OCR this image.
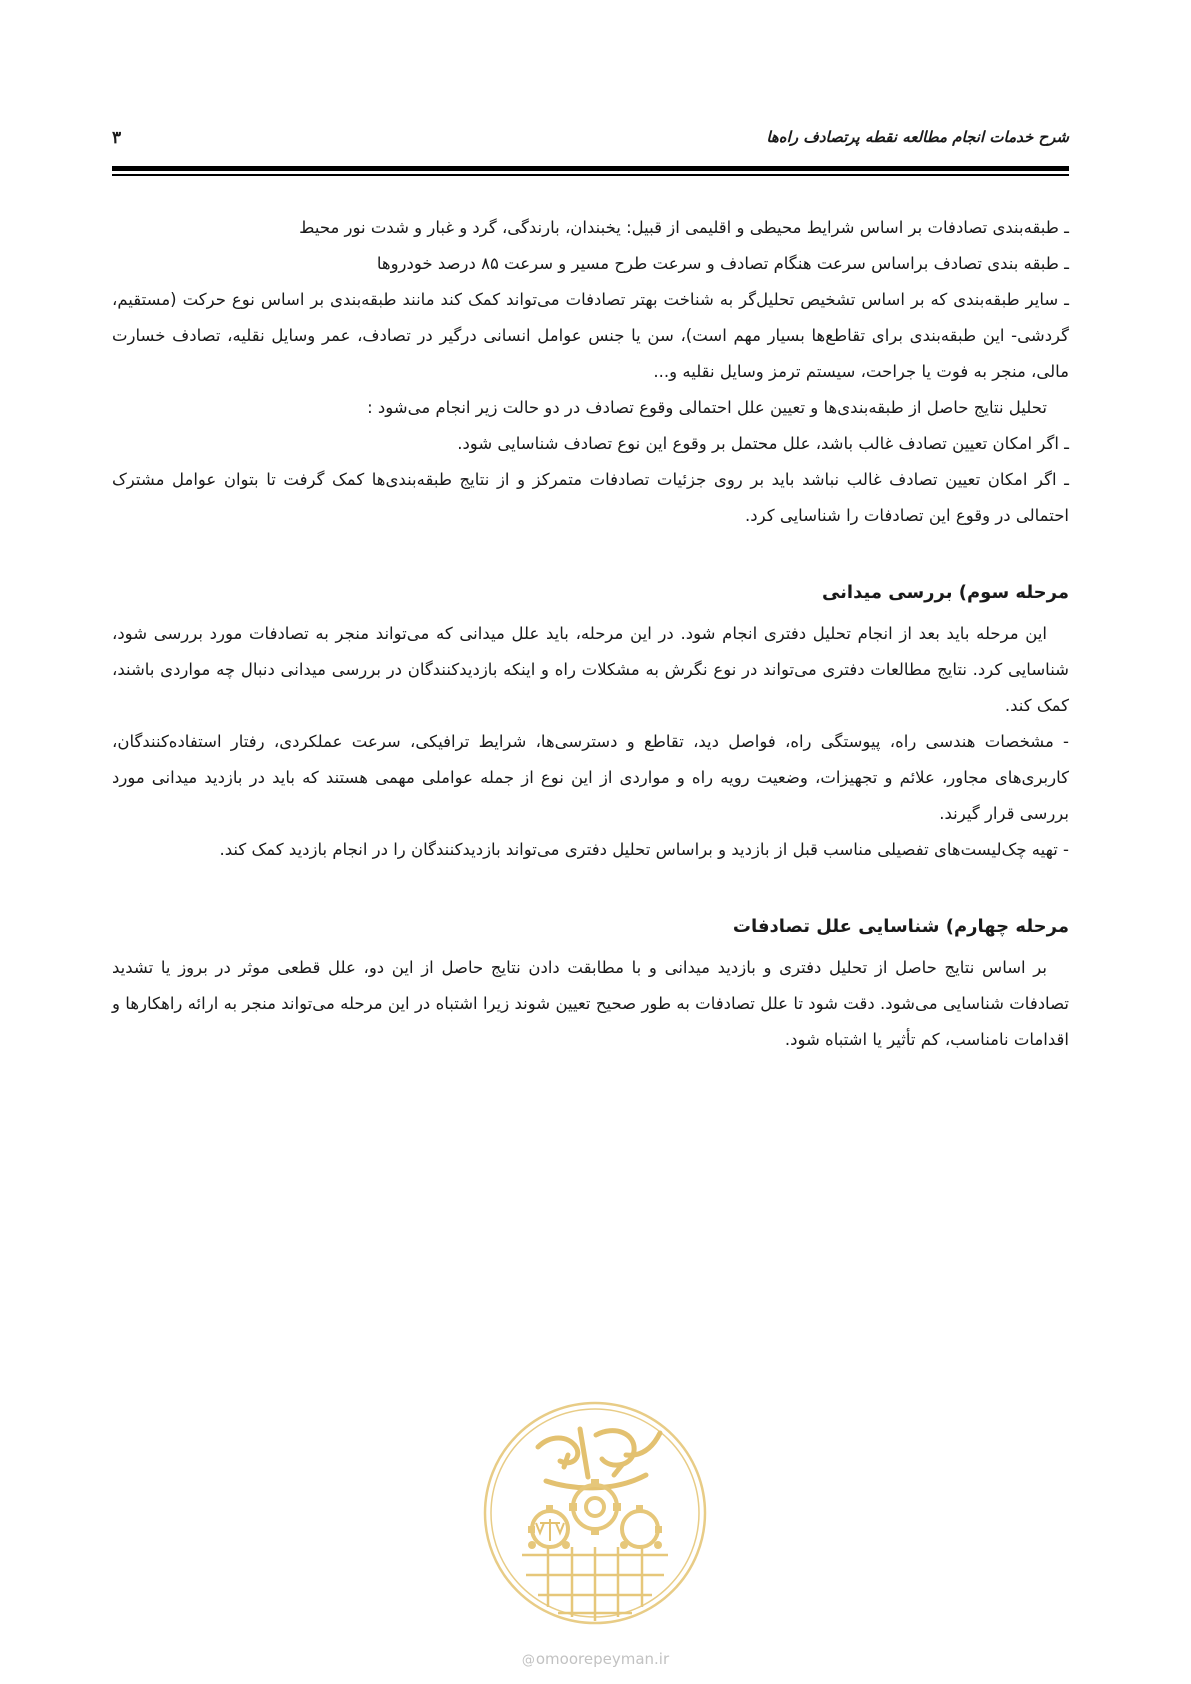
شرح خدمات انجام مطالعه نقطه پرتصادف راه‌ها
۳

ـ طبقه‌بندی تصادفات بر اساس شرایط محیطی و اقلیمی از قبیل: یخبندان، بارندگی، گرد و غبار و شدت نور محیط

ـ طبقه بندی تصادف براساس سرعت هنگام تصادف و سرعت طرح مسیر و سرعت ۸۵ درصد خودروها

ـ سایر طبقه‌بندی که بر اساس تشخیص تحلیل‌گر به شناخت بهتر تصادفات می‌تواند کمک کند مانند طبقه‌بندی بر اساس نوع حرکت (مستقیم، گردشی- این طبقه‌بندی برای تقاطع‌ها بسیار مهم است)، سن یا جنس عوامل انسانی درگیر در تصادف، عمر وسایل نقلیه، تصادف خسارت مالی، منجر به فوت یا جراحت، سیستم ترمز وسایل نقلیه و...

تحلیل نتایج حاصل از طبقه‌بندی‌ها و تعیین علل احتمالی وقوع تصادف در دو حالت زیر انجام می‌شود :

ـ اگر امکان تعیین تصادف غالب باشد، علل محتمل بر وقوع این نوع تصادف شناسایی شود.

ـ اگر امکان تعیین تصادف غالب نباشد باید بر روی جزئیات تصادفات متمرکز و از نتایج طبقه‌بندی‌ها کمک گرفت تا بتوان عوامل مشترک احتمالی در وقوع این تصادفات را شناسایی کرد.

مرحله سوم) بررسی میدانی

این مرحله باید بعد از انجام تحلیل دفتری انجام شود. در این مرحله، باید علل میدانی که می‌تواند منجر به تصادفات مورد بررسی شود، شناسایی کرد. نتایج مطالعات دفتری می‌تواند در نوع نگرش به مشکلات راه و اینکه بازدیدکنندگان در بررسی میدانی دنبال چه مواردی باشند، کمک کند.

- مشخصات هندسی راه، پیوستگی راه، فواصل دید، تقاطع و دسترسی‌ها، شرایط ترافیکی، سرعت عملکردی، رفتار استفاده‌کنندگان، کاربری‌های مجاور، علائم و تجهیزات، وضعیت رویه راه و مواردی از این نوع از جمله عواملی مهمی هستند که باید در بازدید میدانی مورد بررسی قرار گیرند.

- تهیه چک‌لیست‌های تفصیلی مناسب قبل از بازدید و براساس تحلیل دفتری می‌تواند بازدیدکنندگان را در انجام بازدید کمک کند.

مرحله چهارم) شناسایی علل تصادفات

بر اساس نتایج حاصل از تحلیل دفتری و بازدید میدانی و با مطابقت دادن نتایج حاصل از این دو، علل قطعی موثر در بروز یا تشدید تصادفات شناسایی می‌شود. دقت شود تا علل تصادفات به طور صحیح تعیین شوند زیرا اشتباه در این مرحله می‌تواند منجر به ارائه راهکارها و اقدامات نامناسب، کم تأثیر یا اشتباه شود.

@omoorepeyman.ir
